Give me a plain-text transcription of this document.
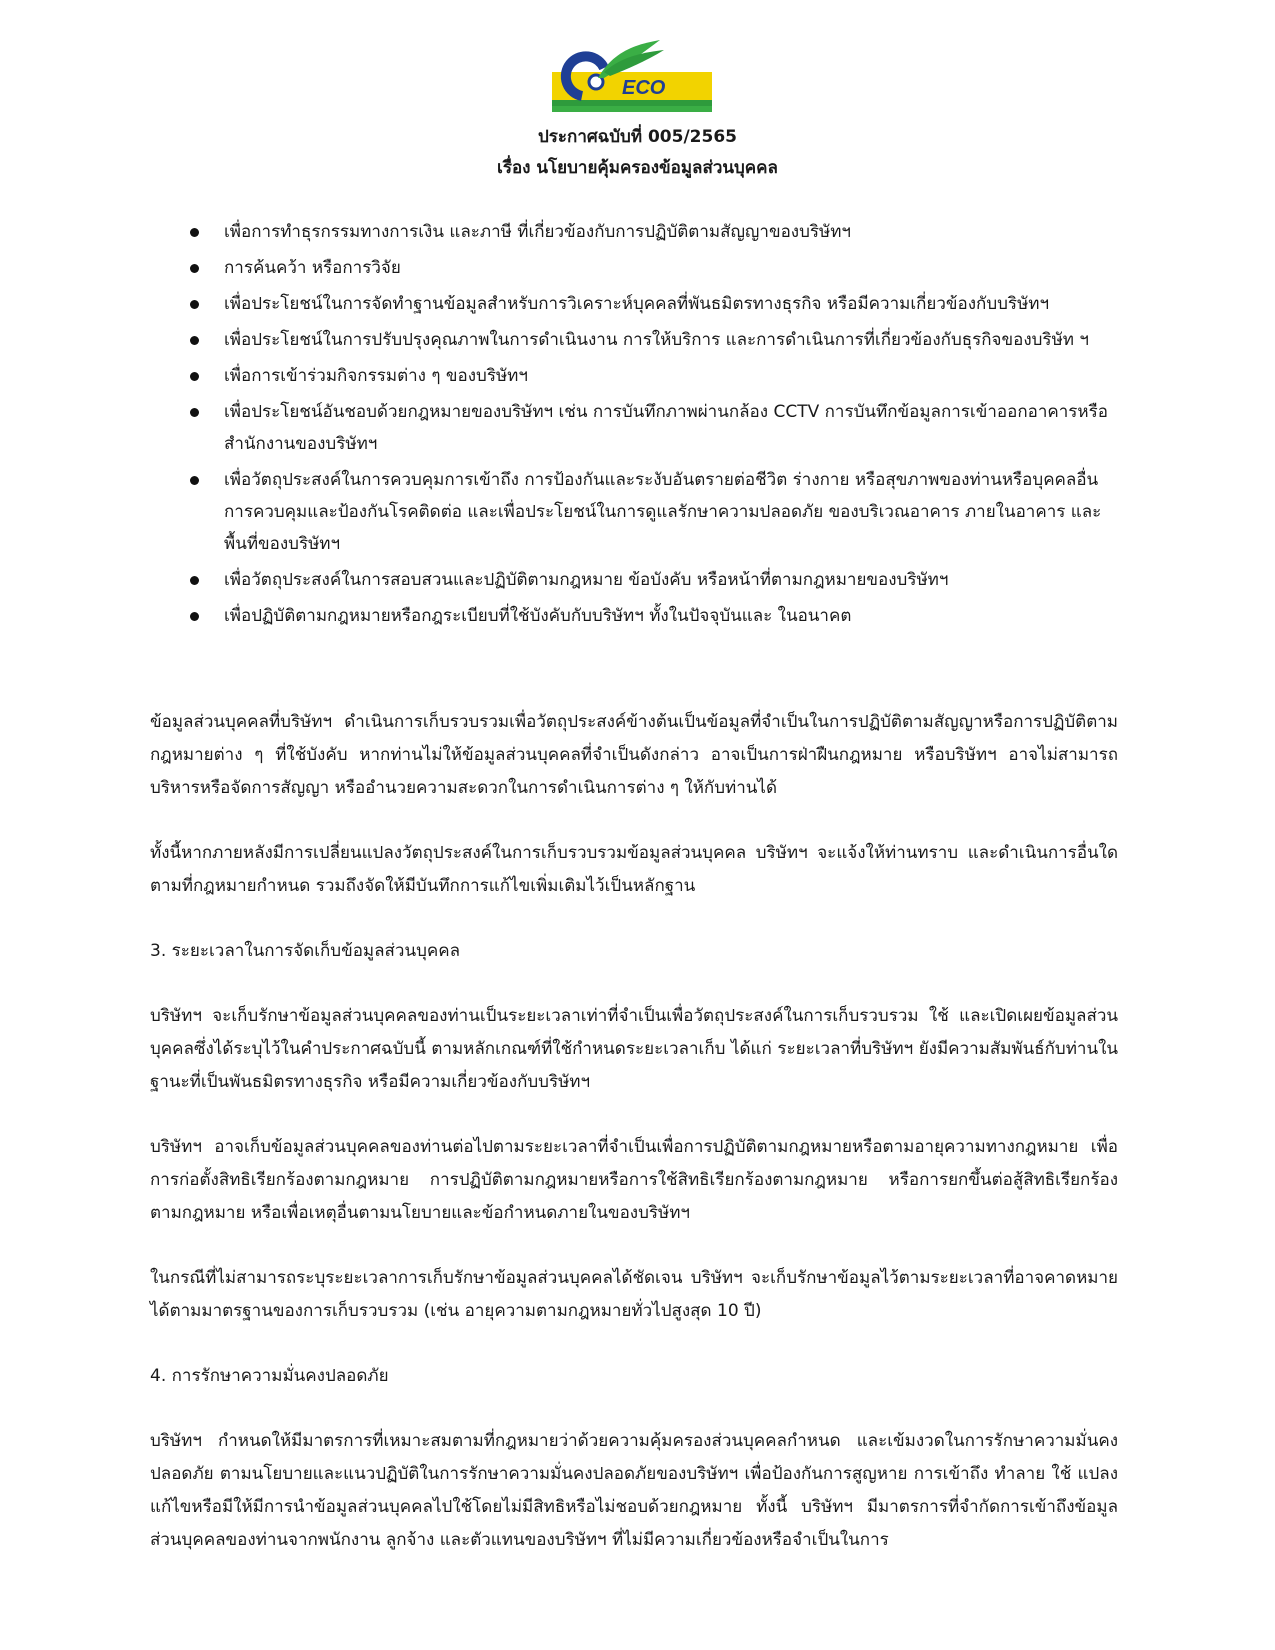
ECO
ประกาศฉบับที่ 005/2565
เรื่อง นโยบายคุ้มครองข้อมูลส่วนบุคคล
เพื่อการทำธุรกรรมทางการเงิน และภาษี ที่เกี่ยวข้องกับการปฏิบัติตามสัญญาของบริษัทฯ
การค้นคว้า หรือการวิจัย
เพื่อประโยชน์ในการจัดทำฐานข้อมูลสำหรับการวิเคราะห์บุคคลที่พันธมิตรทางธุรกิจ หรือมีความเกี่ยวข้องกับบริษัทฯ
เพื่อประโยชน์ในการปรับปรุงคุณภาพในการดำเนินงาน การให้บริการ และการดำเนินการที่เกี่ยวข้องกับธุรกิจของบริษัท ฯ
เพื่อการเข้าร่วมกิจกรรมต่าง ๆ ของบริษัทฯ
เพื่อประโยชน์อันชอบด้วยกฎหมายของบริษัทฯ เช่น การบันทึกภาพผ่านกล้อง CCTV การบันทึกข้อมูลการเข้าออกอาคารหรือสำนักงานของบริษัทฯ
เพื่อวัตถุประสงค์ในการควบคุมการเข้าถึง การป้องกันและระงับอันตรายต่อชีวิต ร่างกาย หรือสุขภาพของท่านหรือบุคคลอื่น การควบคุมและป้องกันโรคติดต่อ และเพื่อประโยชน์ในการดูแลรักษาความปลอดภัย ของบริเวณอาคาร ภายในอาคาร และพื้นที่ของบริษัทฯ
เพื่อวัตถุประสงค์ในการสอบสวนและปฏิบัติตามกฎหมาย ข้อบังคับ หรือหน้าที่ตามกฎหมายของบริษัทฯ
เพื่อปฏิบัติตามกฎหมายหรือกฎระเบียบที่ใช้บังคับกับบริษัทฯ ทั้งในปัจจุบันและ ในอนาคต

ข้อมูลส่วนบุคคลที่บริษัทฯ ดำเนินการเก็บรวบรวมเพื่อวัตถุประสงค์ข้างต้นเป็นข้อมูลที่จำเป็นในการปฏิบัติตามสัญญาหรือการปฏิบัติตามกฎหมายต่าง ๆ ที่ใช้บังคับ หากท่านไม่ให้ข้อมูลส่วนบุคคลที่จำเป็นดังกล่าว อาจเป็นการฝ่าฝืนกฎหมาย หรือบริษัทฯ อาจไม่สามารถบริหารหรือจัดการสัญญา หรืออำนวยความสะดวกในการดำเนินการต่าง ๆ ให้กับท่านได้

ทั้งนี้หากภายหลังมีการเปลี่ยนแปลงวัตถุประสงค์ในการเก็บรวบรวมข้อมูลส่วนบุคคล บริษัทฯ จะแจ้งให้ท่านทราบ และดำเนินการอื่นใดตามที่กฎหมายกำหนด รวมถึงจัดให้มีบันทึกการแก้ไขเพิ่มเติมไว้เป็นหลักฐาน

3. ระยะเวลาในการจัดเก็บข้อมูลส่วนบุคคล

บริษัทฯ จะเก็บรักษาข้อมูลส่วนบุคคลของท่านเป็นระยะเวลาเท่าที่จำเป็นเพื่อวัตถุประสงค์ในการเก็บรวบรวม ใช้ และเปิดเผยข้อมูลส่วนบุคคลซึ่งได้ระบุไว้ในคำประกาศฉบับนี้ ตามหลักเกณฑ์ที่ใช้กำหนดระยะเวลาเก็บ ได้แก่ ระยะเวลาที่บริษัทฯ ยังมีความสัมพันธ์กับท่านในฐานะที่เป็นพันธมิตรทางธุรกิจ หรือมีความเกี่ยวข้องกับบริษัทฯ

บริษัทฯ อาจเก็บข้อมูลส่วนบุคคลของท่านต่อไปตามระยะเวลาที่จำเป็นเพื่อการปฏิบัติตามกฎหมายหรือตามอายุความทางกฎหมาย เพื่อการก่อตั้งสิทธิเรียกร้องตามกฎหมาย การปฏิบัติตามกฎหมายหรือการใช้สิทธิเรียกร้องตามกฎหมาย หรือการยกขึ้นต่อสู้สิทธิเรียกร้องตามกฎหมาย หรือเพื่อเหตุอื่นตามนโยบายและข้อกำหนดภายในของบริษัทฯ

ในกรณีที่ไม่สามารถระบุระยะเวลาการเก็บรักษาข้อมูลส่วนบุคคลได้ชัดเจน บริษัทฯ จะเก็บรักษาข้อมูลไว้ตามระยะเวลาที่อาจคาดหมายได้ตามมาตรฐานของการเก็บรวบรวม (เช่น อายุความตามกฎหมายทั่วไปสูงสุด 10 ปี)

4. การรักษาความมั่นคงปลอดภัย

บริษัทฯ กำหนดให้มีมาตรการที่เหมาะสมตามที่กฎหมายว่าด้วยความคุ้มครองส่วนบุคคลกำหนด และเข้มงวดในการรักษาความมั่นคงปลอดภัย ตามนโยบายและแนวปฏิบัติในการรักษาความมั่นคงปลอดภัยของบริษัทฯ เพื่อป้องกันการสูญหาย การเข้าถึง ทำลาย ใช้ แปลง แก้ไขหรือมีให้มีการนำข้อมูลส่วนบุคคลไปใช้โดยไม่มีสิทธิหรือไม่ชอบด้วยกฎหมาย ทั้งนี้ บริษัทฯ มีมาตรการที่จำกัดการเข้าถึงข้อมูลส่วนบุคคลของท่านจากพนักงาน ลูกจ้าง และตัวแทนของบริษัทฯ ที่ไม่มีความเกี่ยวข้องหรือจำเป็นในการ
